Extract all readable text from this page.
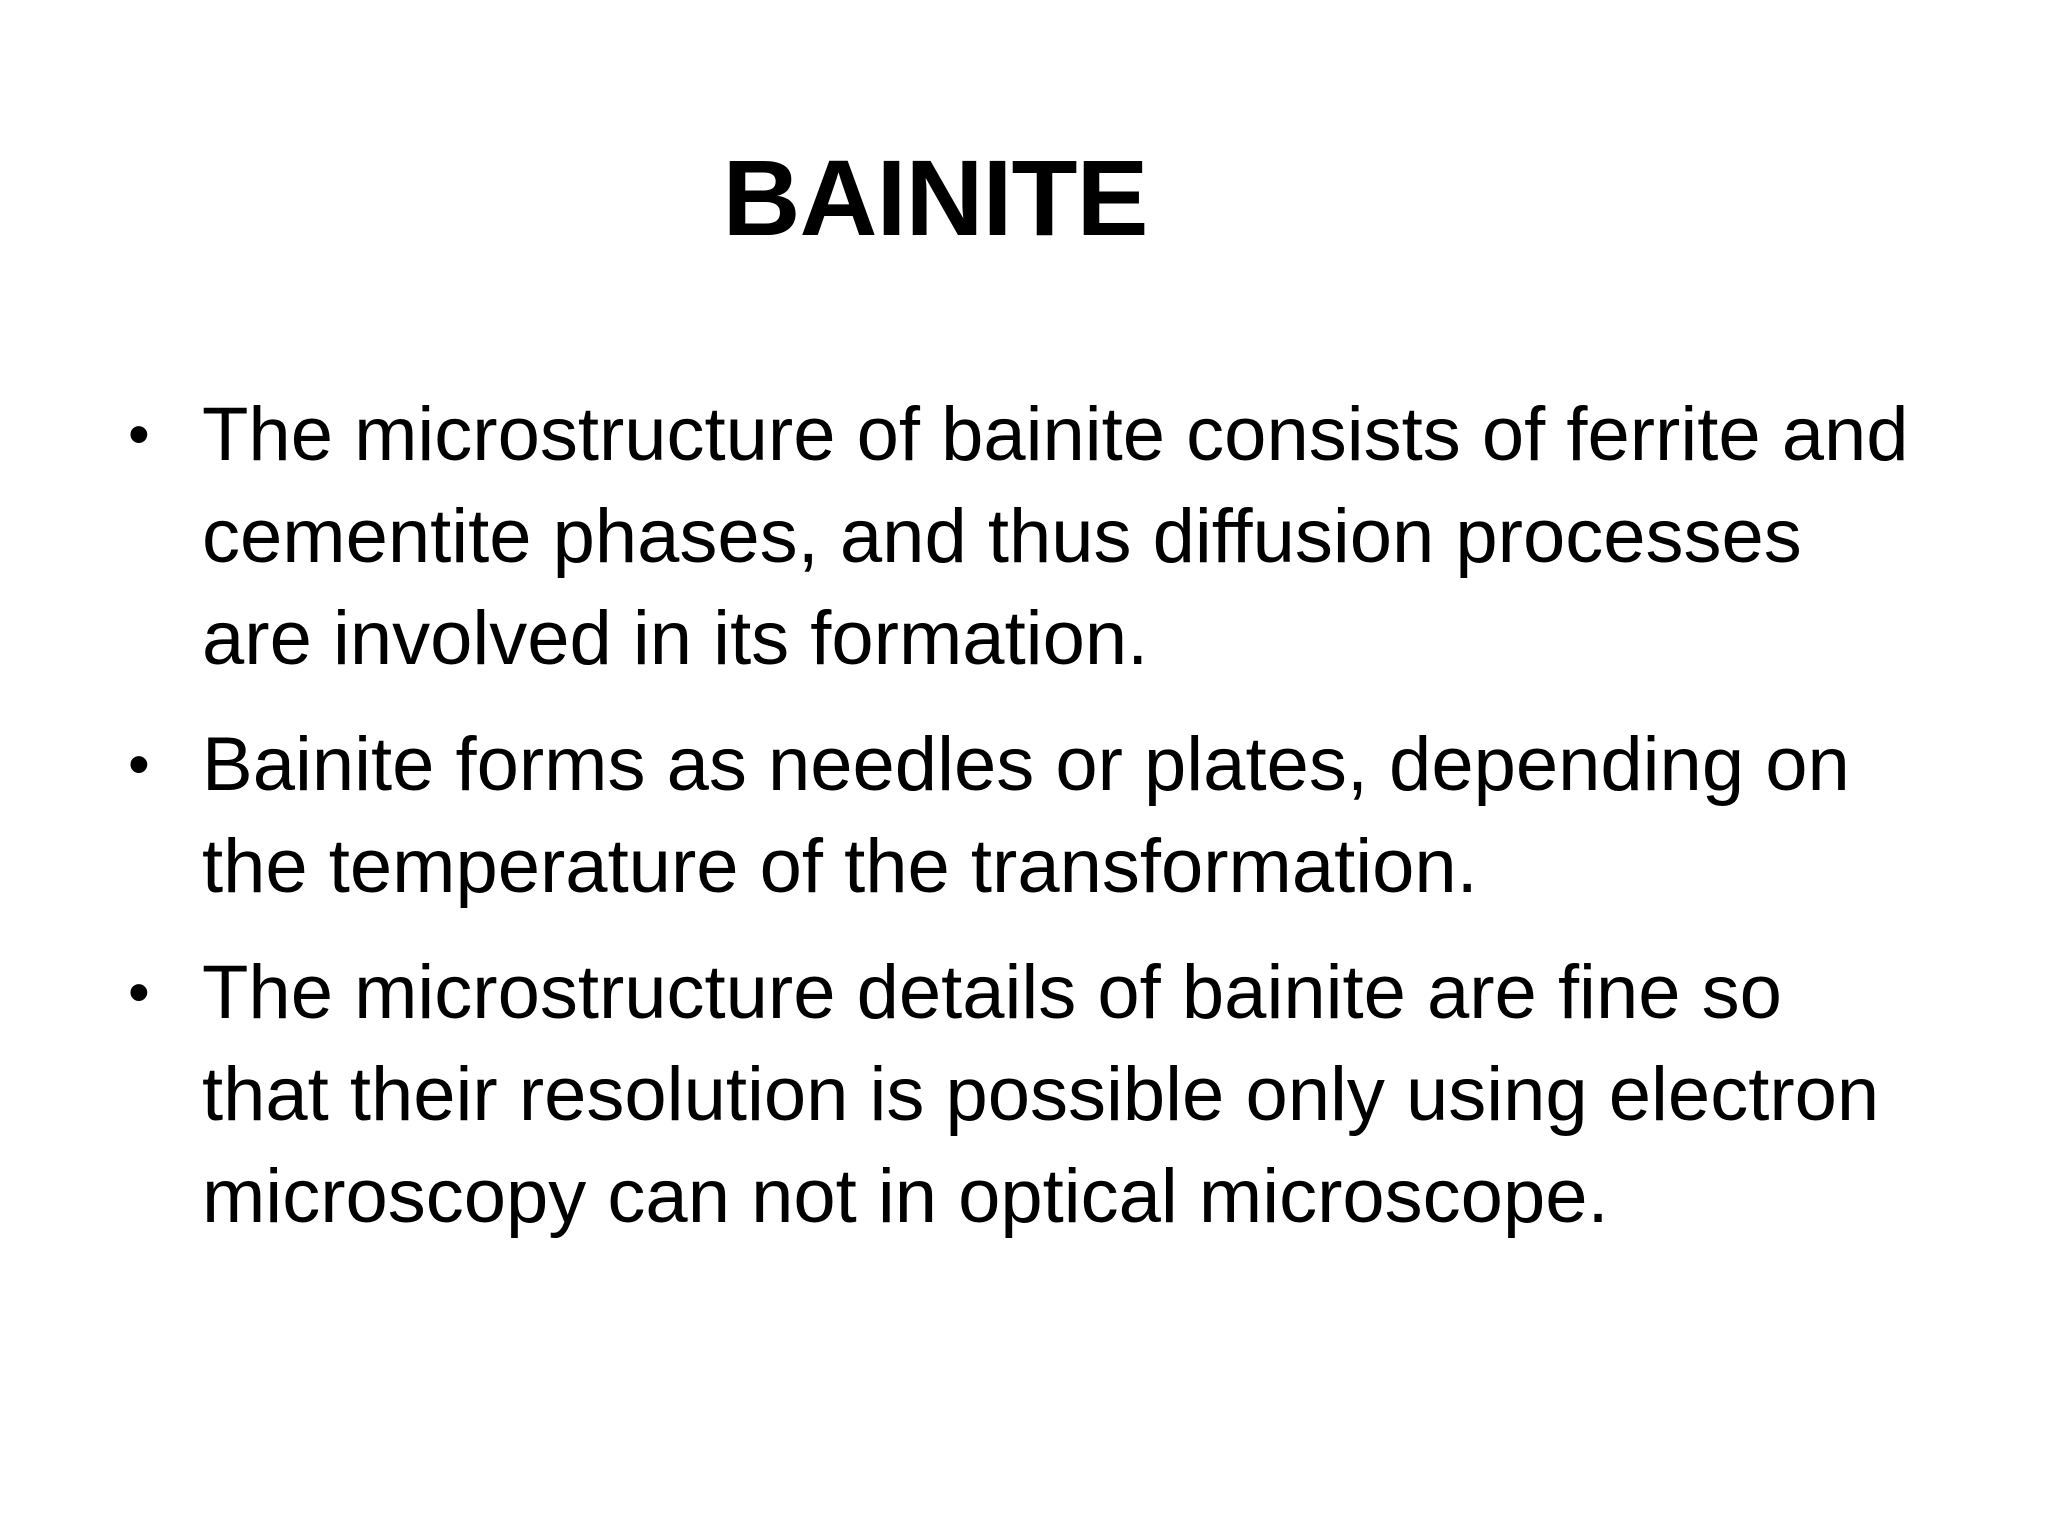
BAINITE
• The microstructure of bainite consists of ferrite and cementite phases, and thus diffusion processes are involved in its formation.
• Bainite forms as needles or plates, depending on the temperature of the transformation.
• The microstructure details of bainite are fine so that their resolution is possible only using electron microscopy can not in optical microscope.
